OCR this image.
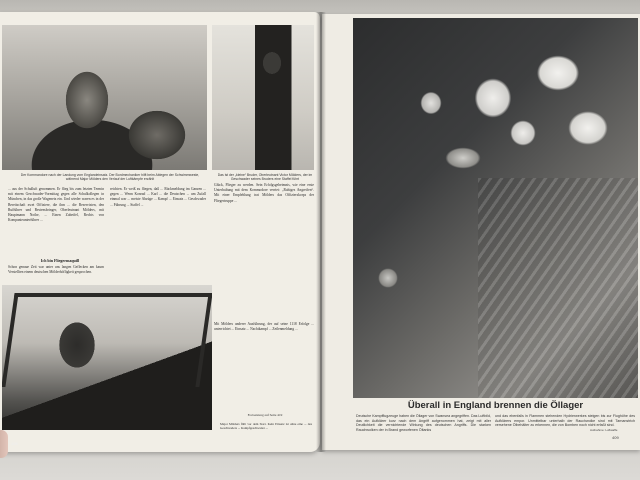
Der Kommandore nach der Landung vom Englandeinsatz. Der Bordmechaniker hilft beim Ablegen der Schwimmweste, während Major Mölders den Verlauf der Luftkämpfe erzählt
Das ist der „kleine“ Bruder, Oberleutnant Victor Mölders, der im Geschwader seines Bruders eine Staffel führt
... aus der Schulluft genommen. Er flieg bis zum letzten Termin mit einem Geschwader-Vormittag gegen alle Schulkollegen in München, in das große Wagenetz ein. Und wieder waren es in der Bereitschaft zwei Offiziere, die ihm ... die Reservisten, den Rufführer und Bestensbringer, Oberleutnant Mölders, mit Hauptmann Nothe, ... Einen Zubeifel, Rechts von Kompanieunterführer ...
reichten. Er weiß zu fliegen, daß ... Rückmeldung im Ganzen ... gegen ... Wenn Konrad ... Karl ... die Deutschen ... um Zufall einmal war ... meiste Abzüge ... Kampf ... Einsatz ... Geschwader ... Führung ... Staffel ...
Ich bin Fliegermaquill
Schon genaue Zeit war unter uns langen Geflecken am kaum Verstellten einem deutschen Mölderhöfligkeit gesprochen.
Glück, Flieger zu werden. Sein Erfolgsgeheimnis, wie eine erste Unterhaltung mit dem Kommodore verriet: „Ruhiges Angreifen“. Mit einer Empfehlung trat Mölders das Offizierskorps der Fliegertruppe ...
Mit Mölders anderer Ausführung, der auf seine 1118 Erfolge ... unterrichtet ... Einsatz ... Nachtkampf ... Zeilenmeldung ...
Fortsetzung auf Seite 419
Major Mölders fällt vor dem Start. Kein Einsatz ist ohne eine ... des Geschwaders ... Kampfgeschwader ...
408
Überall in England brennen die Öllager
Deutsche Kampfflugzeuge haben die Öllager von Swansea angegriffen. Das Luftbild, das ein Aufklärer kurz nach dem Angriff aufgenommen hat, zeigt mit aller Deutlichkeit die vernichtende Wirkung des deutschen Angriffs. Die starken Rauchwolken der in Brand geworfenen Öltanks
und das ebenfalls in Flammen stehenden Hydrierwerkes steigen bis zur Flughöhe des Aufklärers empor. Unmittelbar unterhalb der Rauchwolke sind mit Tarnanstrich versehene Ölbehälter zu erkennen, die von Bomben noch nicht erfaßt sind.
Aufnahme: Luftwaffe
409
